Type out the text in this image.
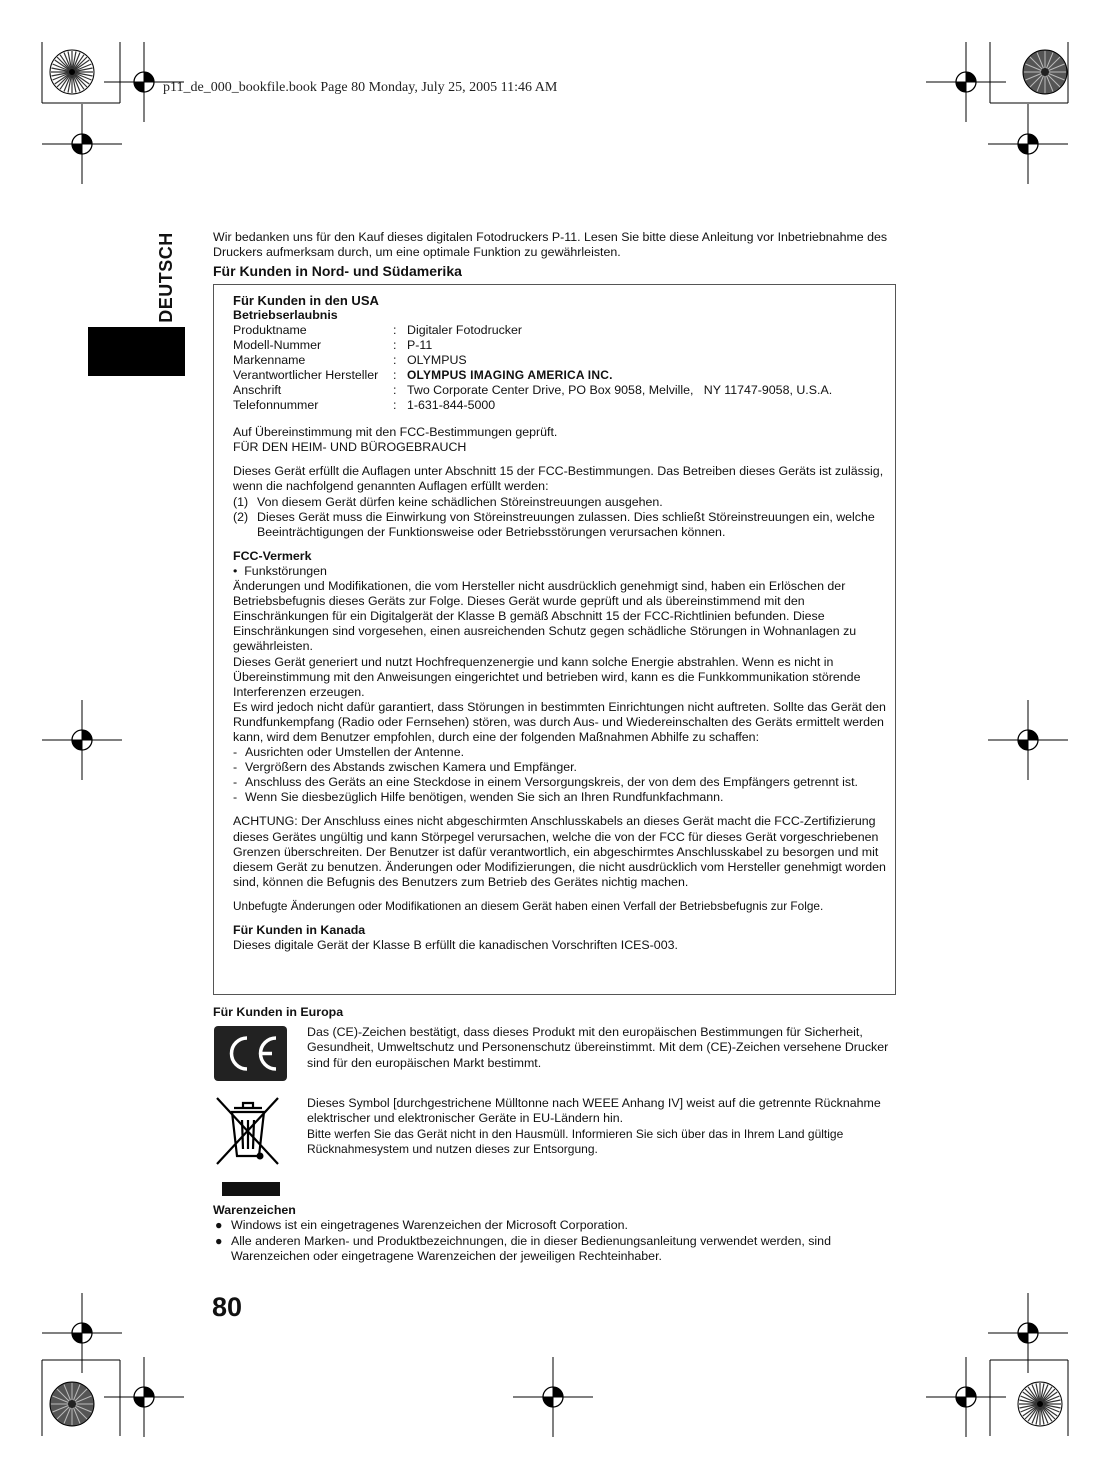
p11_de_000_bookfile.book Page 80 Monday, July 25, 2005 11:46 AM
DEUTSCH	Wir bedanken uns für den Kauf dieses digitalen Fotodruckers P-11. Lesen Sie bitte diese Anleitung vor Inbetriebnahme des Druckers aufmerksam durch, um eine optimale Funktion zu gewährleisten.

Für Kunden in Nord- und Südamerika

Für Kunden in den USA

Betriebserlaubnis

Produktname	:	Digitaler Fotodrucker
Modell-Nummer	:	P-11
Markenname	:	OLYMPUS
Verantwortlicher Hersteller	:	OLYMPUS IMAGING AMERICA INC.
Anschrift	:	Two Corporate Center Drive, PO Box 9058, Melville,   NY 11747-9058, U.S.A.
Telefonnummer	:	1-631-844-5000

Auf Übereinstimmung mit den FCC-Bestimmungen geprüft.

FÜR DEN HEIM- UND BÜROGEBRAUCH

Dieses Gerät erfüllt die Auflagen unter Abschnitt 15 der FCC-Bestimmungen. Das Betreiben dieses Geräts ist zulässig, wenn die nachfolgend genannten Auflagen erfüllt werden:

(1) Von diesem Gerät dürfen keine schädlichen Störeinstreuungen ausgehen.
(2) Dieses Gerät muss die Einwirkung von Störeinstreuungen zulassen. Dies schließt Störeinstreuungen ein, welche Beeinträchtigungen der Funktionsweise oder Betriebsstörungen verursachen können.

FCC-Vermerk

• Funkstörungen

Änderungen und Modifikationen, die vom Hersteller nicht ausdrücklich genehmigt sind, haben ein Erlöschen der Betriebsbefugnis dieses Geräts zur Folge. Dieses Gerät wurde geprüft und als übereinstimmend mit den Einschränkungen für ein Digitalgerät der Klasse B gemäß Abschnitt 15 der FCC-Richtlinien befunden. Diese Einschränkungen sind vorgesehen, einen ausreichenden Schutz gegen schädliche Störungen in Wohnanlagen zu gewährleisten.

Dieses Gerät generiert und nutzt Hochfrequenzenergie und kann solche Energie abstrahlen. Wenn es nicht in Übereinstimmung mit den Anweisungen eingerichtet und betrieben wird, kann es die Funkkommunikation störende Interferenzen erzeugen.

Es wird jedoch nicht dafür garantiert, dass Störungen in bestimmten Einrichtungen nicht auftreten. Sollte das Gerät den Rundfunkempfang (Radio oder Fernsehen) stören, was durch Aus- und Wiedereinschalten des Geräts ermittelt werden kann, wird dem Benutzer empfohlen, durch eine der folgenden Maßnahmen Abhilfe zu schaffen:

- Ausrichten oder Umstellen der Antenne.
- Vergrößern des Abstands zwischen Kamera und Empfänger.
- Anschluss des Geräts an eine Steckdose in einem Versorgungskreis, der von dem des Empfängers getrennt ist.
- Wenn Sie diesbezüglich Hilfe benötigen, wenden Sie sich an Ihren Rundfunkfachmann.

ACHTUNG: Der Anschluss eines nicht abgeschirmten Anschlusskabels an dieses Gerät macht die FCC-Zertifizierung dieses Gerätes ungültig und kann Störpegel verursachen, welche die von der FCC für dieses Gerät vorgeschriebenen Grenzen überschreiten. Der Benutzer ist dafür verantwortlich, ein abgeschirmtes Anschlusskabel zu besorgen und mit diesem Gerät zu benutzen. Änderungen oder Modifizierungen, die nicht ausdrücklich vom Hersteller genehmigt worden sind, können die Befugnis des Benutzers zum Betrieb des Gerätes nichtig machen.

Unbefugte Änderungen oder Modifikationen an diesem Gerät haben einen Verfall der Betriebsbefugnis zur Folge.

Für Kunden in Kanada

Dieses digitale Gerät der Klasse B erfüllt die kanadischen Vorschriften ICES-003.

Für Kunden in Europa

Das (CE)-Zeichen bestätigt, dass dieses Produkt mit den europäischen Bestimmungen für Sicherheit, Gesundheit, Umweltschutz und Personenschutz übereinstimmt. Mit dem (CE)-Zeichen versehene Drucker sind für den europäischen Markt bestimmt.

Dieses Symbol [durchgestrichene Mülltonne nach WEEE Anhang IV] weist auf die getrennte Rücknahme elektrischer und elektronischer Geräte in EU-Ländern hin.

Bitte werfen Sie das Gerät nicht in den Hausmüll. Informieren Sie sich über das in Ihrem Land gültige Rücknahmesystem und nutzen dieses zur Entsorgung.

Warenzeichen

● Windows ist ein eingetragenes Warenzeichen der Microsoft Corporation.
● Alle anderen Marken- und Produktbezeichnungen, die in dieser Bedienungsanleitung verwendet werden, sind Warenzeichen oder eingetragene Warenzeichen der jeweiligen Rechteinhaber.
80
